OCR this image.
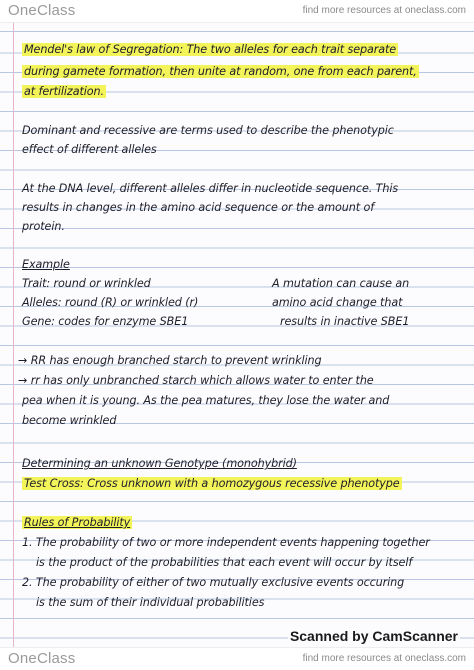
OneClass	find more resources at oneclass.com
Mendel's law of Segregation: The two alleles for each trait separate
during gamete formation, then unite at random, one from each parent,
at fertilization.
Dominant and recessive are terms used to describe the phenotypic
effect of different alleles
At the DNA level, different alleles differ in nucleotide sequence. This
results in changes in the amino acid sequence or the amount of
protein.
Example
Trait: round or wrinkled
Alleles: round (R) or wrinkled (r)
Gene: codes for enzyme SBE1
A mutation can cause an
amino acid change that
results in inactive SBE1
→ RR has enough branched starch to prevent wrinkling
→ rr has only unbranched starch which allows water to enter the
pea when it is young. As the pea matures, they lose the water and
become wrinkled
Determining an unknown Genotype (monohybrid)
Test Cross: Cross unknown with a homozygous recessive phenotype
Rules of Probability
1. The probability of two or more independent events happening together
is the product of the probabilities that each event will occur by itself
2. The probability of either of two mutually exclusive events occuring
is the sum of their individual probabilities
Scanned by CamScanner
OneClass	find more resources at oneclass.com
